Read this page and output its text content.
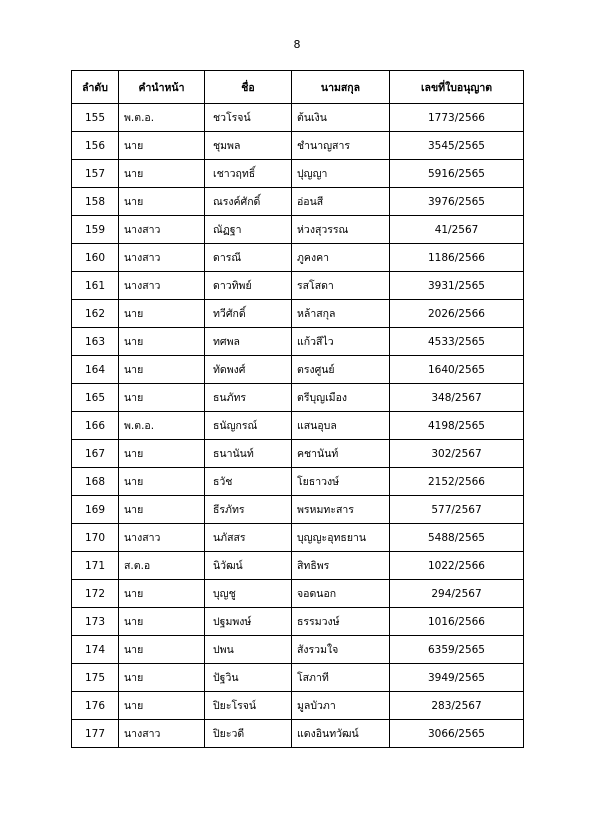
8
ลำดับ	คำนำหน้า	ชื่อ	นามสกุล	เลขที่ใบอนุญาต
155	พ.ต.อ.	ชวโรจน์	ต้นเงิน	1773/2566
156	นาย	ชุมพล	ชำนาญสาร	3545/2565
157	นาย	เชาวฤทธิ์	ปุญญา	5916/2565
158	นาย	ณรงค์ศักดิ์	อ่อนสี	3976/2565
159	นางสาว	ณัฏฐา	ห่วงสุวรรณ	41/2567
160	นางสาว	ดารณี	ภูคงคา	1186/2566
161	นางสาว	ดาวทิพย์	รสโสดา	3931/2565
162	นาย	ทวีศักดิ์	หล้าสกุล	2026/2566
163	นาย	ทศพล	แก้วสีไว	4533/2565
164	นาย	ทัดพงศ์	ตรงศูนย์	1640/2565
165	นาย	ธนภัทร	ตรีบุญเมือง	348/2567
166	พ.ต.อ.	ธนัญกรณ์	แสนอุบล	4198/2565
167	นาย	ธนานันท์	คชานันท์	302/2567
168	นาย	ธวัช	โยธาวงษ์	2152/2566
169	นาย	ธีรภัทร	พรหมทะสาร	577/2567
170	นางสาว	นภัสสร	บุญญะอุทธยาน	5488/2565
171	ส.ต.อ	นิวัฒน์	สิทธิพร	1022/2566
172	นาย	บุญชู	จอดนอก	294/2567
173	นาย	ปฐมพงษ์	ธรรมวงษ์	1016/2566
174	นาย	ปพน	สังรวมใจ	6359/2565
175	นาย	ปัฐวิน	โสภาที	3949/2565
176	นาย	ปิยะโรจน์	มูลบัวภา	283/2567
177	นางสาว	ปิยะวดี	แดงอินทวัฒน์	3066/2565
